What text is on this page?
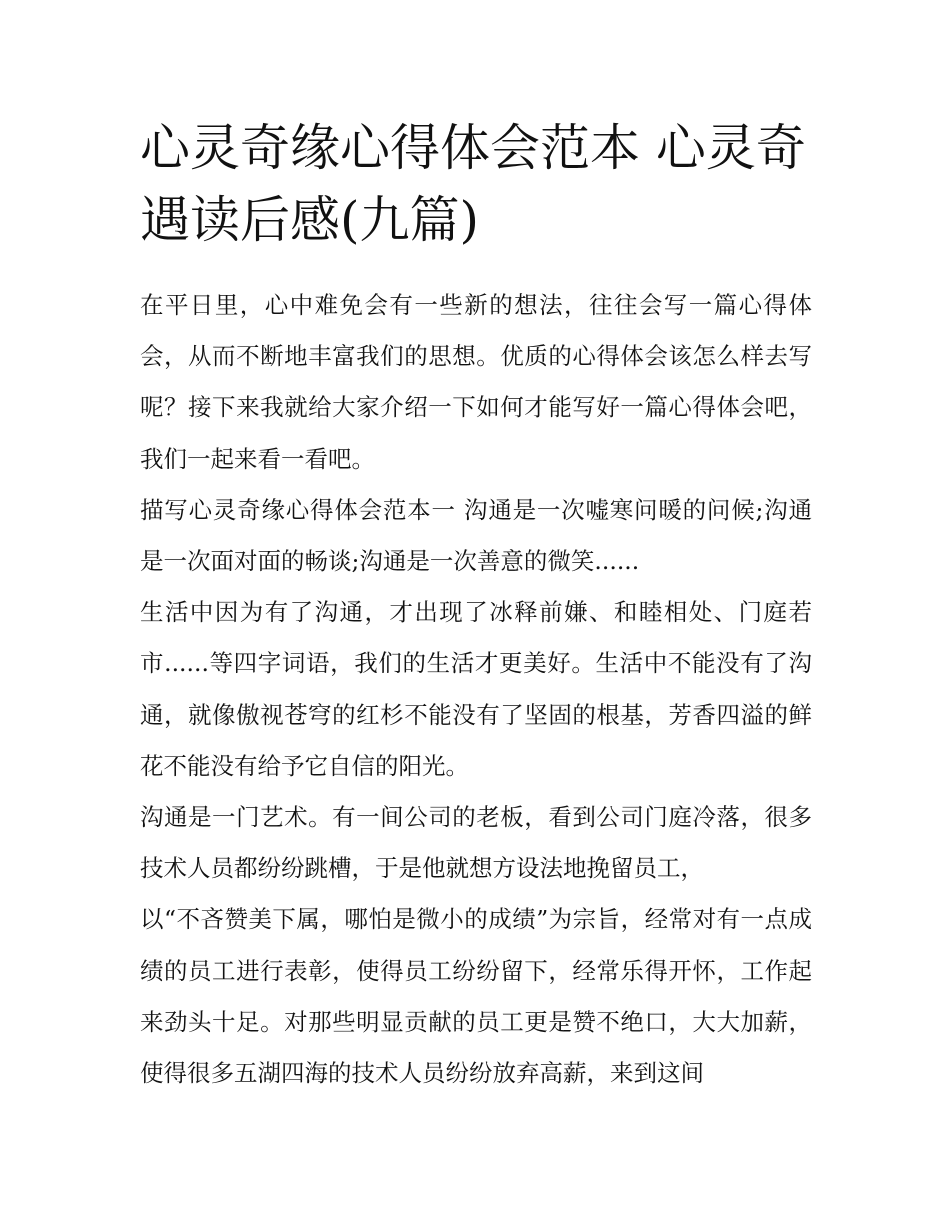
心灵奇缘心得体会范本 心灵奇遇读后感(九篇)

在平日里，心中难免会有一些新的想法，往往会写一篇心得体会，从而不断地丰富我们的思想。优质的心得体会该怎么样去写呢？接下来我就给大家介绍一下如何才能写好一篇心得体会吧，我们一起来看一看吧。

描写心灵奇缘心得体会范本一 沟通是一次嘘寒问暖的问候;沟通是一次面对面的畅谈;沟通是一次善意的微笑......

生活中因为有了沟通，才出现了冰释前嫌、和睦相处、门庭若市......等四字词语，我们的生活才更美好。生活中不能没有了沟通，就像傲视苍穹的红杉不能没有了坚固的根基，芳香四溢的鲜花不能没有给予它自信的阳光。

沟通是一门艺术。有一间公司的老板，看到公司门庭冷落，很多技术人员都纷纷跳槽，于是他就想方设法地挽留员工，

以“不吝赞美下属，哪怕是微小的成绩”为宗旨，经常对有一点成绩的员工进行表彰，使得员工纷纷留下，经常乐得开怀，工作起来劲头十足。对那些明显贡献的员工更是赞不绝口，大大加薪，使得很多五湖四海的技术人员纷纷放弃高薪，来到这间
